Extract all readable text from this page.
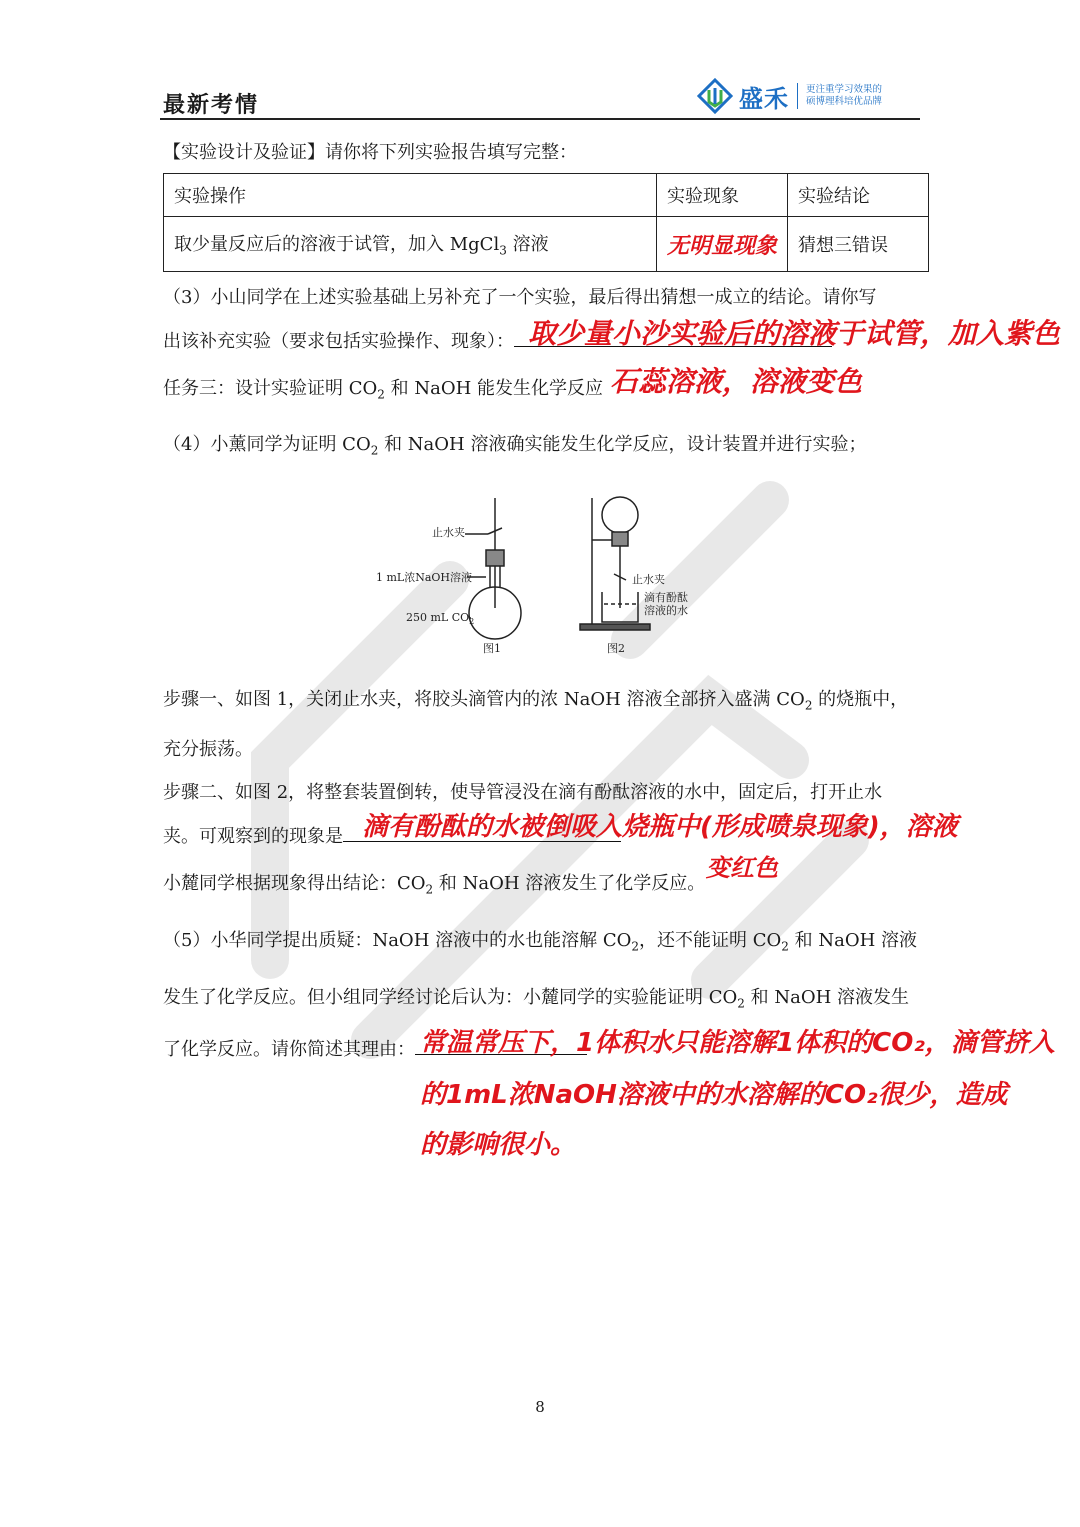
最新考情	盛禾 更注重学习效果的
硕博理科培优品牌
【实验设计及验证】请你将下列实验报告填写完整：
实验操作	实验现象	实验结论
取少量反应后的溶液于试管，加入 MgCl$_3$ 溶液	无明显现象	猜想三错误
（3）小山同学在上述实验基础上另补充了一个实验，最后得出猜想一成立的结论。请你写
出该补充实验（要求包括实验操作、现象）： 取少量小沙实验后的溶液于试管，加入紫色
任务三：设计实验证明 $CO_2$ 和 NaOH 能发生化学反应 石蕊溶液，溶液变色
（4）小薰同学为证明 $CO_2$ 和 NaOH 溶液确实能发生化学反应，设计装置并进行实验；
止水夹
1 mL浓NaOH溶液
250 mL $CO_2$
图1
止水夹
滴有酚酞
溶液的水
图2
步骤一、如图 1，关闭止水夹，将胶头滴管内的浓 NaOH 溶液全部挤入盛满 $CO_2$ 的烧瓶中，
充分振荡。
步骤二、如图 2，将整套装置倒转，使导管浸没在滴有酚酞溶液的水中，固定后，打开止水
夹。可观察到的现象是 滴有酚酞的水被倒吸入烧瓶中(形成喷泉现象)，溶液
变红色
小麓同学根据现象得出结论：$CO_2$ 和 NaOH 溶液发生了化学反应。
（5）小华同学提出质疑：NaOH 溶液中的水也能溶解 $CO_2$，还不能证明 $CO_2$ 和 NaOH 溶液
发生了化学反应。但小组同学经讨论后认为：小麓同学的实验能证明 $CO_2$ 和 NaOH 溶液发生
了化学反应。请你简述其理由： 常温常压下，1体积水只能溶解1体积的CO₂，滴管挤入
的1mL浓NaOH溶液中的水溶解的CO₂很少，造成
的影响很小。
8
